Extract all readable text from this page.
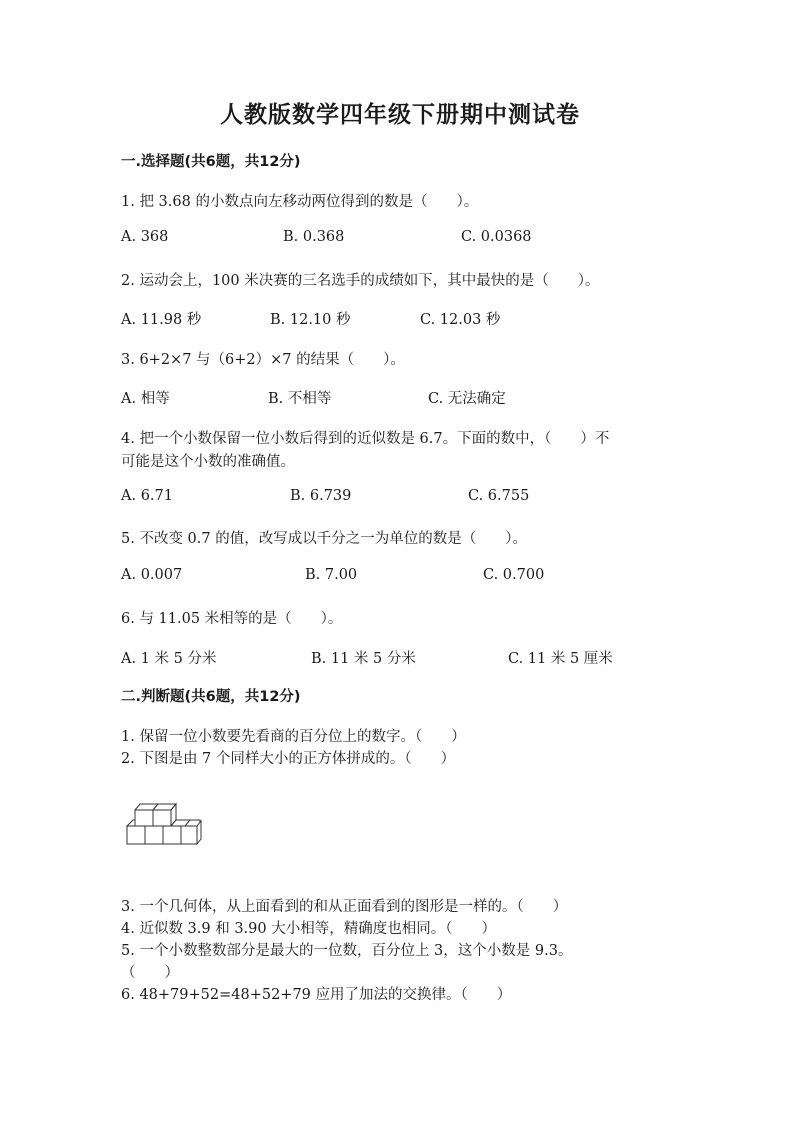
人教版数学四年级下册期中测试卷
一.选择题(共6题，共12分)
1. 把 3.68 的小数点向左移动两位得到的数是（　　）。
A. 368	B. 0.368	C. 0.0368
2. 运动会上，100 米决赛的三名选手的成绩如下，其中最快的是（　　）。
A. 11.98 秒	B. 12.10 秒	C. 12.03 秒
3. 6+2×7 与（6+2）×7 的结果（　　）。
A. 相等	B. 不相等	C. 无法确定
4. 把一个小数保留一位小数后得到的近似数是 6.7。下面的数中，（　　）不
可能是这个小数的准确值。
A. 6.71	B. 6.739	C. 6.755
5. 不改变 0.7 的值，改写成以千分之一为单位的数是（　　）。
A. 0.007	B. 7.00	C. 0.700
6. 与 11.05 米相等的是（　　）。
A. 1 米 5 分米	B. 11 米 5 分米	C. 11 米 5 厘米
二.判断题(共6题，共12分)
1. 保留一位小数要先看商的百分位上的数字。（　　）
2. 下图是由 7 个同样大小的正方体拼成的。（　　）
3. 一个几何体，从上面看到的和从正面看到的图形是一样的。（　　）
4. 近似数 3.9 和 3.90 大小相等，精确度也相同。（　　）
5. 一个小数整数部分是最大的一位数，百分位上 3，这个小数是 9.3。
（　　）
6. 48+79+52=48+52+79 应用了加法的交换律。（　　）
